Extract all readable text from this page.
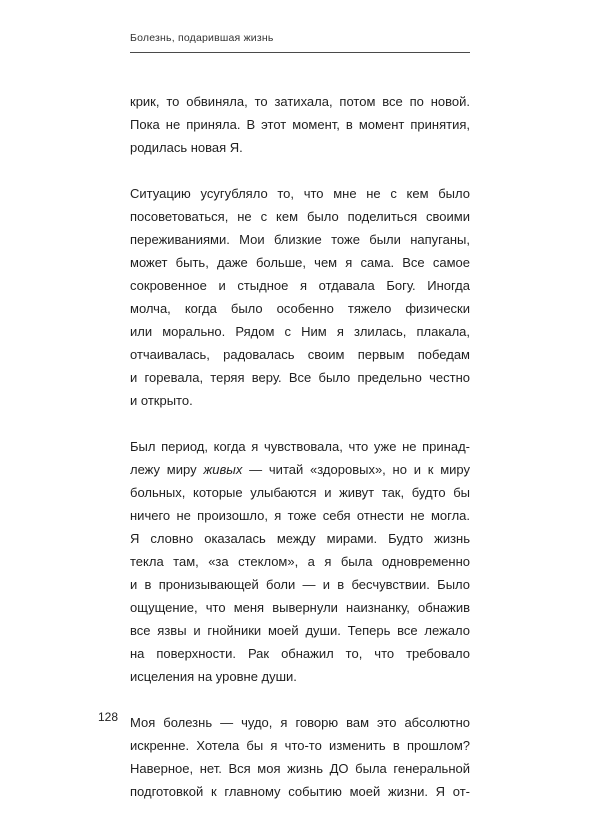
Болезнь, подарившая жизнь

крик, то обвиняла, то затихала, потом все по новой.
Пока не приняла. В этот момент, в момент принятия,
родилась новая Я.

Ситуацию усугубляло то, что мне не с кем было
посоветоваться, не с кем было поделиться своими
переживаниями. Мои близкие тоже были напуганы,
может быть, даже больше, чем я сама. Все самое
сокровенное и стыдное я отдавала Богу. Иногда
молча, когда было особенно тяжело физически
или морально. Рядом с Ним я злилась, плакала,
отчаивалась, радовалась своим первым победам
и горевала, теряя веру. Все было предельно честно
и открыто.

Был период, когда я чувствовала, что уже не принад-
лежу миру живых — читай «здоровых», но и к миру
больных, которые улыбаются и живут так, будто бы
ничего не произошло, я тоже себя отнести не могла.
Я словно оказалась между мирами. Будто жизнь
текла там, «за стеклом», а я была одновременно
и в пронизывающей боли — и в бесчувствии. Было
ощущение, что меня вывернули наизнанку, обнажив
все язвы и гнойники моей души. Теперь все лежало
на поверхности. Рак обнажил то, что требовало
исцеления на уровне души.

Моя болезнь — чудо, я говорю вам это абсолютно
искренне. Хотела бы я что-то изменить в прошлом?
Наверное, нет. Вся моя жизнь ДО была генеральной
подготовкой к главному событию моей жизни. Я от-

128
